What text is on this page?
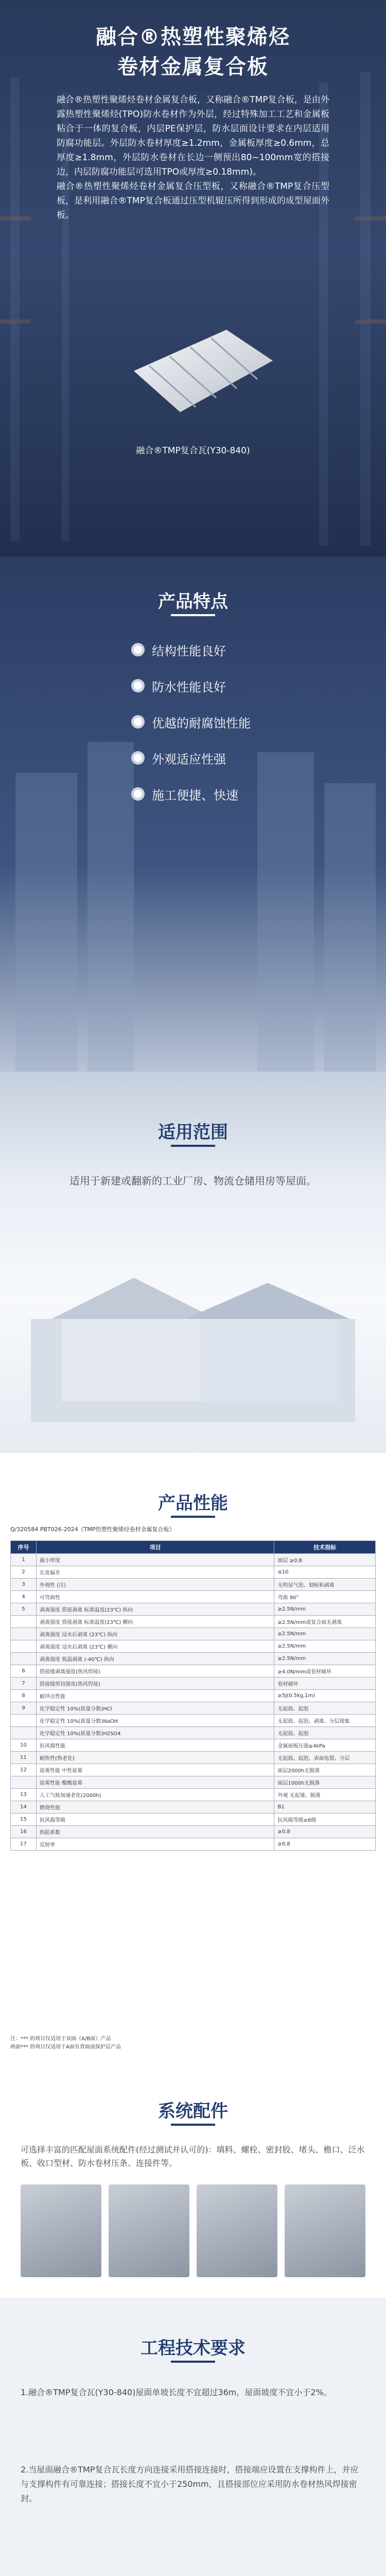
融合®热塑性聚烯烃
卷材金属复合板

融合®热塑性聚烯烃卷材金属复合板，又称融合®TMP复合板，是由外露热塑性聚烯烃(TPO)防水卷材作为外层，经过特殊加工工艺和金属板粘合于一体的复合板，内层PE保护层，防水层面设计要求在内层适用防腐功能层。外层防水卷材厚度≥1.2mm，金属板厚度≥0.6mm，总厚度≥1.8mm，外层防水卷材在长边一侧预出80~100mm宽的搭接边，内层防腐功能层可选用TPO或厚度≥0.18mm)。

融合®热塑性聚烯烃卷材金属复合压型板，又称融合®TMP复合压型板，是利用融合®TMP复合板通过压型机辊压所得到形成的成型屋面外板。

融合®TMP复合瓦(Y30-840)
产品特点
结构性能良好
防水性能良好
优越的耐腐蚀性能
外观适应性强
施工便捷、快速
适用范围
适用于新建或翻新的工业厂房、物流仓储用房等屋面。
产品性能
Q/320584 PBT026-2024《TMP热塑性聚烯烃卷材金属复合板》
序号	项目	技术指标
1	最小厚度	面层 ≥0.8
2	长宽偏差	≤10
3	外观性 (注)	无明显气泡、划痕和剥离
4	可弯曲性	弯曲 90°
5	剥离强度 搭接剥离 标准温度(23℃) 纵向	≥2.5N/mm
	剥离强度 搭接剥离 标准温度(23℃) 横向	≥2.5N/mm或复合面无剥离
	剥离强度 浸水后剥离 (23℃) 纵向	≥2.5N/mm
	剥离强度 浸水后剥离 (23℃) 横向	≥2.5N/mm
	剥离强度 低温剥离 (-40℃) 纵向	≥2.5N/mm
6	搭接缝剥离强度(热风焊接)	≥4.0N/mm或卷材破坏
7	搭接缝剪切强度(热风焊接)	卷材破坏
8	耐冲击性能	≥5J(0.5kg,1m)
9	化学稳定性 10%(质量分数)HCl	无起鼓、起泡
	化学稳定性 10%(质量分数)NaOH	无起鼓、起泡、剥离、分层现象
	化学稳定性 10%(质量分数)H2SO4	无起鼓、起泡
10	抗风揭性能	金属面板压强≥4kPa
11	耐热性(热老化)	无起鼓、起泡、表面龟裂、分层
12	盐雾性能 中性盐雾	面层2000h无脱落
	盐雾性能 醋酸盐雾	面层1000h无脱落
13	人工气候加速老化(2000h)	外观 无起皱、脱落
14	燃烧性能	B1
15	抗风揭等级	抗风揭等级≥6级
16	热阻系数	≥0.8
17	反射率	≥0.8
注：*** 的项目仅适用于双面（A/B面）产品
两面*** 的项目仅适用于A面有背面或保护层产品
系统配件
可选择丰富的匹配屋面系统配件(经过测试并认可的)：填料、螺栓、密封胶、堵头、檐口、泛水板、收口型材、防水卷材压条、连接件等。
工程技术要求
1.融合®TMP复合瓦(Y30-840)屋面单坡长度不宜超过36m，屋面坡度不宜小于2%。
2.当屋面融合®TMP复合瓦长度方向连接采用搭接连接时，搭接端应设置在支撑构件上，并应与支撑构件有可靠连接；搭接长度不宜小于250mm，且搭接部位应采用防水卷材热风焊接密封。
